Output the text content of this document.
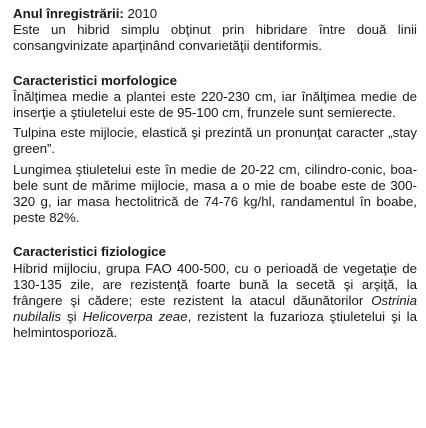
Anul înregistrării: 2010

Este un hibrid simplu obţinut prin hibridare între două linii consangvinizate aparţinând convarietăţii dentiformis.

Caracteristici morfologice

Înălţimea medie a plantei este 220-230 cm, iar înălţimea medie de inserţie a ştiuletelui este de 95-100 cm, frunzele sunt semierecte.

Tulpina este mijlocie, elastică şi prezintă un pronunţat caracter „stay green”.

Lungimea ştiuletelui este în medie de 20-22 cm, cilindro-conic, boa-bele sunt de mărime mijlocie, masa a o mie de boabe este de 300-320 g, iar masa hectolitrică de 74-76 kg/hl, randamentul în boabe, peste 82%.

Caracteristici fiziologice

Hibrid mijlociu, grupa FAO 400-500, cu o perioadă de vegetaţie de 130-135 zile, are rezistenţă foarte bună la secetă şi arşiţă, la frângere şi cădere; este rezistent la atacul dăunătorilor Ostrinia nubilalis şi Helicoverpa zeae, rezistent la fuzarioza ştiuletelui şi la helmintosporioză.
